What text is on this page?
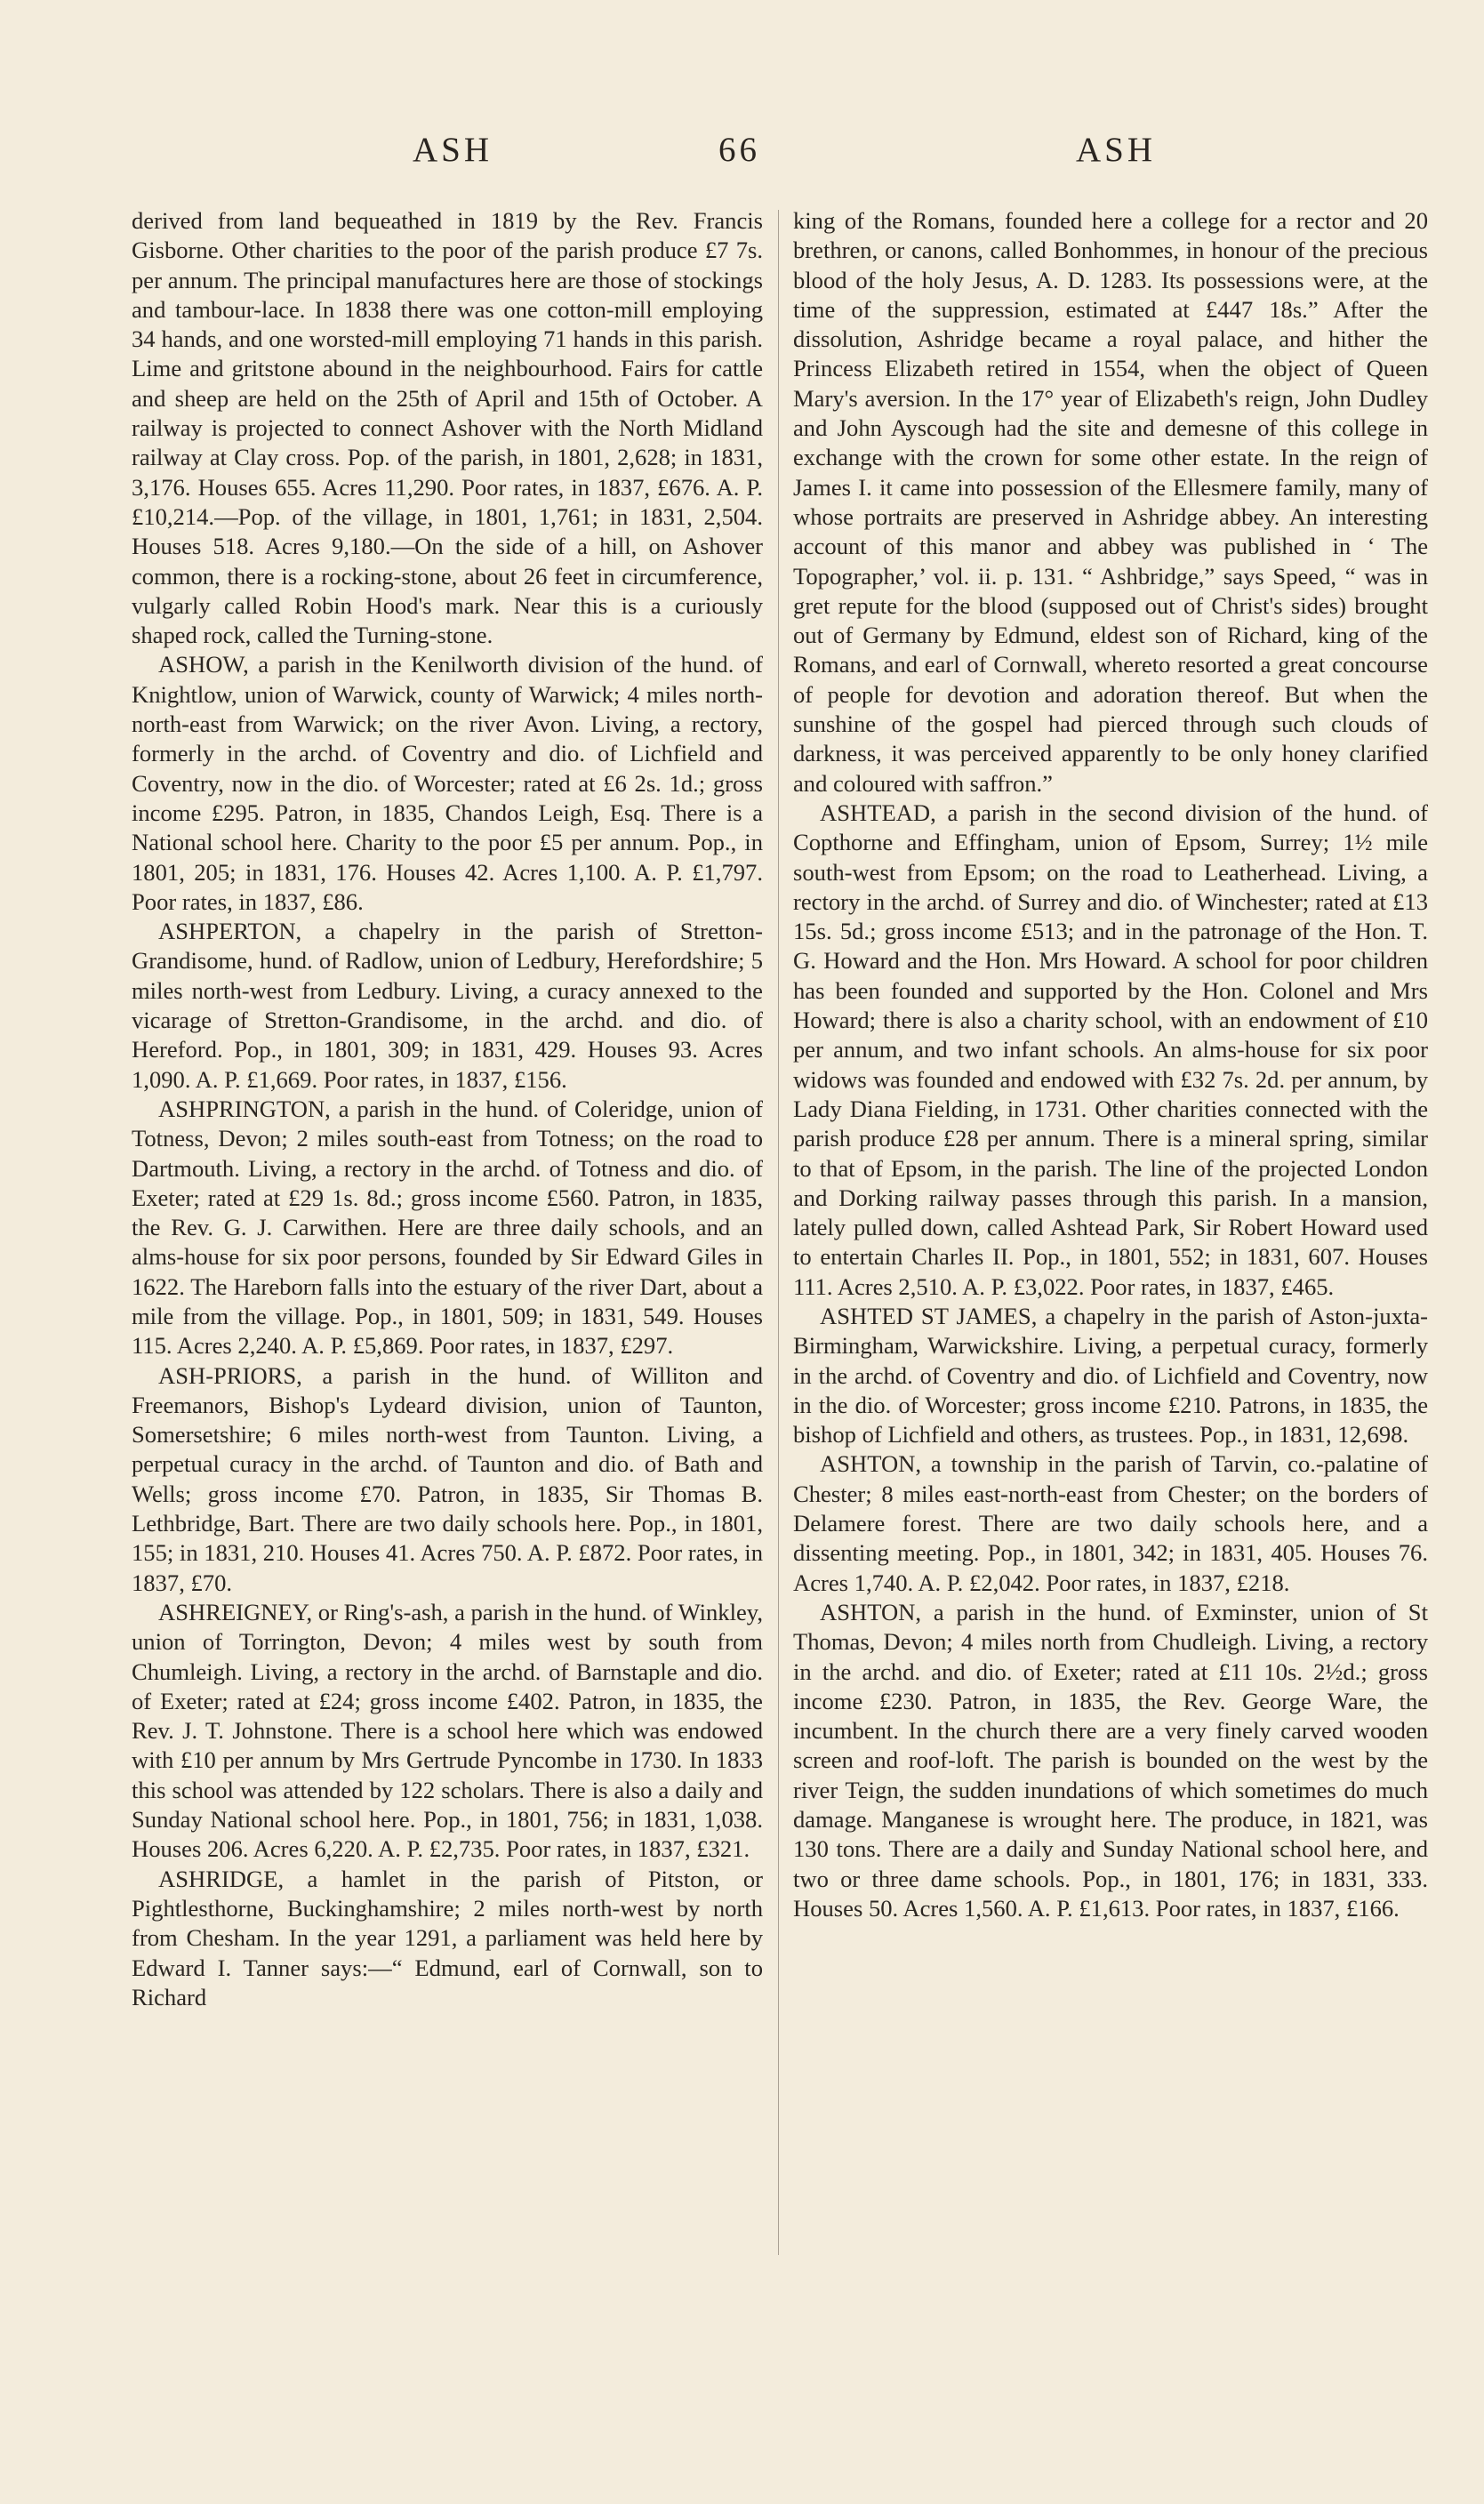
ASH	66	ASH

derived from land bequeathed in 1819 by the Rev. Francis Gisborne. Other charities to the poor of the parish produce £7 7s. per annum. The principal manufactures here are those of stockings and tambour-lace. In 1838 there was one cotton-mill employing 34 hands, and one worsted-mill employing 71 hands in this parish. Lime and gritstone abound in the neighbourhood. Fairs for cattle and sheep are held on the 25th of April and 15th of October. A railway is projected to connect Ashover with the North Midland railway at Clay cross. Pop. of the parish, in 1801, 2,628; in 1831, 3,176. Houses 655. Acres 11,290. Poor rates, in 1837, £676. A. P. £10,214.—Pop. of the village, in 1801, 1,761; in 1831, 2,504. Houses 518. Acres 9,180.—On the side of a hill, on Ashover common, there is a rocking-stone, about 26 feet in circumference, vulgarly called Robin Hood's mark. Near this is a curiously shaped rock, called the Turning-stone.

ASHOW, a parish in the Kenilworth division of the hund. of Knightlow, union of Warwick, county of Warwick; 4 miles north-north-east from Warwick; on the river Avon. Living, a rectory, formerly in the archd. of Coventry and dio. of Lichfield and Coventry, now in the dio. of Worcester; rated at £6 2s. 1d.; gross income £295. Patron, in 1835, Chandos Leigh, Esq. There is a National school here. Charity to the poor £5 per annum. Pop., in 1801, 205; in 1831, 176. Houses 42. Acres 1,100. A. P. £1,797. Poor rates, in 1837, £86.

ASHPERTON, a chapelry in the parish of Stretton-Grandisome, hund. of Radlow, union of Ledbury, Herefordshire; 5 miles north-west from Ledbury. Living, a curacy annexed to the vicarage of Stretton-Grandisome, in the archd. and dio. of Hereford. Pop., in 1801, 309; in 1831, 429. Houses 93. Acres 1,090. A. P. £1,669. Poor rates, in 1837, £156.

ASHPRINGTON, a parish in the hund. of Coleridge, union of Totness, Devon; 2 miles south-east from Totness; on the road to Dartmouth. Living, a rectory in the archd. of Totness and dio. of Exeter; rated at £29 1s. 8d.; gross income £560. Patron, in 1835, the Rev. G. J. Carwithen. Here are three daily schools, and an alms-house for six poor persons, founded by Sir Edward Giles in 1622. The Hareborn falls into the estuary of the river Dart, about a mile from the village. Pop., in 1801, 509; in 1831, 549. Houses 115. Acres 2,240. A. P. £5,869. Poor rates, in 1837, £297.

ASH-PRIORS, a parish in the hund. of Williton and Freemanors, Bishop's Lydeard division, union of Taunton, Somersetshire; 6 miles north-west from Taunton. Living, a perpetual curacy in the archd. of Taunton and dio. of Bath and Wells; gross income £70. Patron, in 1835, Sir Thomas B. Lethbridge, Bart. There are two daily schools here. Pop., in 1801, 155; in 1831, 210. Houses 41. Acres 750. A. P. £872. Poor rates, in 1837, £70.

ASHREIGNEY, or Ring's-ash, a parish in the hund. of Winkley, union of Torrington, Devon; 4 miles west by south from Chumleigh. Living, a rectory in the archd. of Barnstaple and dio. of Exeter; rated at £24; gross income £402. Patron, in 1835, the Rev. J. T. Johnstone. There is a school here which was endowed with £10 per annum by Mrs Gertrude Pyncombe in 1730. In 1833 this school was attended by 122 scholars. There is also a daily and Sunday National school here. Pop., in 1801, 756; in 1831, 1,038. Houses 206. Acres 6,220. A. P. £2,735. Poor rates, in 1837, £321.

ASHRIDGE, a hamlet in the parish of Pitston, or Pightlesthorne, Buckinghamshire; 2 miles north-west by north from Chesham. In the year 1291, a parliament was held here by Edward I. Tanner says:—“ Edmund, earl of Cornwall, son to Richard

king of the Romans, founded here a college for a rector and 20 brethren, or canons, called Bonhommes, in honour of the precious blood of the holy Jesus, A. D. 1283. Its possessions were, at the time of the suppression, estimated at £447 18s.” After the dissolution, Ashridge became a royal palace, and hither the Princess Elizabeth retired in 1554, when the object of Queen Mary's aversion. In the 17° year of Elizabeth's reign, John Dudley and John Ayscough had the site and demesne of this college in exchange with the crown for some other estate. In the reign of James I. it came into possession of the Ellesmere family, many of whose portraits are preserved in Ashridge abbey. An interesting account of this manor and abbey was published in ‘ The Topographer,’ vol. ii. p. 131. “ Ashbridge,” says Speed, “ was in gret repute for the blood (supposed out of Christ's sides) brought out of Germany by Edmund, eldest son of Richard, king of the Romans, and earl of Cornwall, whereto resorted a great concourse of people for devotion and adoration thereof. But when the sunshine of the gospel had pierced through such clouds of darkness, it was perceived apparently to be only honey clarified and coloured with saffron.”

ASHTEAD, a parish in the second division of the hund. of Copthorne and Effingham, union of Epsom, Surrey; 1½ mile south-west from Epsom; on the road to Leatherhead. Living, a rectory in the archd. of Surrey and dio. of Winchester; rated at £13 15s. 5d.; gross income £513; and in the patronage of the Hon. T. G. Howard and the Hon. Mrs Howard. A school for poor children has been founded and supported by the Hon. Colonel and Mrs Howard; there is also a charity school, with an endowment of £10 per annum, and two infant schools. An alms-house for six poor widows was founded and endowed with £32 7s. 2d. per annum, by Lady Diana Fielding, in 1731. Other charities connected with the parish produce £28 per annum. There is a mineral spring, similar to that of Epsom, in the parish. The line of the projected London and Dorking railway passes through this parish. In a mansion, lately pulled down, called Ashtead Park, Sir Robert Howard used to entertain Charles II. Pop., in 1801, 552; in 1831, 607. Houses 111. Acres 2,510. A. P. £3,022. Poor rates, in 1837, £465.

ASHTED ST JAMES, a chapelry in the parish of Aston-juxta-Birmingham, Warwickshire. Living, a perpetual curacy, formerly in the archd. of Coventry and dio. of Lichfield and Coventry, now in the dio. of Worcester; gross income £210. Patrons, in 1835, the bishop of Lichfield and others, as trustees. Pop., in 1831, 12,698.

ASHTON, a township in the parish of Tarvin, co.-palatine of Chester; 8 miles east-north-east from Chester; on the borders of Delamere forest. There are two daily schools here, and a dissenting meeting. Pop., in 1801, 342; in 1831, 405. Houses 76. Acres 1,740. A. P. £2,042. Poor rates, in 1837, £218.

ASHTON, a parish in the hund. of Exminster, union of St Thomas, Devon; 4 miles north from Chudleigh. Living, a rectory in the archd. and dio. of Exeter; rated at £11 10s. 2½d.; gross income £230. Patron, in 1835, the Rev. George Ware, the incumbent. In the church there are a very finely carved wooden screen and roof-loft. The parish is bounded on the west by the river Teign, the sudden inundations of which sometimes do much damage. Manganese is wrought here. The produce, in 1821, was 130 tons. There are a daily and Sunday National school here, and two or three dame schools. Pop., in 1801, 176; in 1831, 333. Houses 50. Acres 1,560. A. P. £1,613. Poor rates, in 1837, £166.
